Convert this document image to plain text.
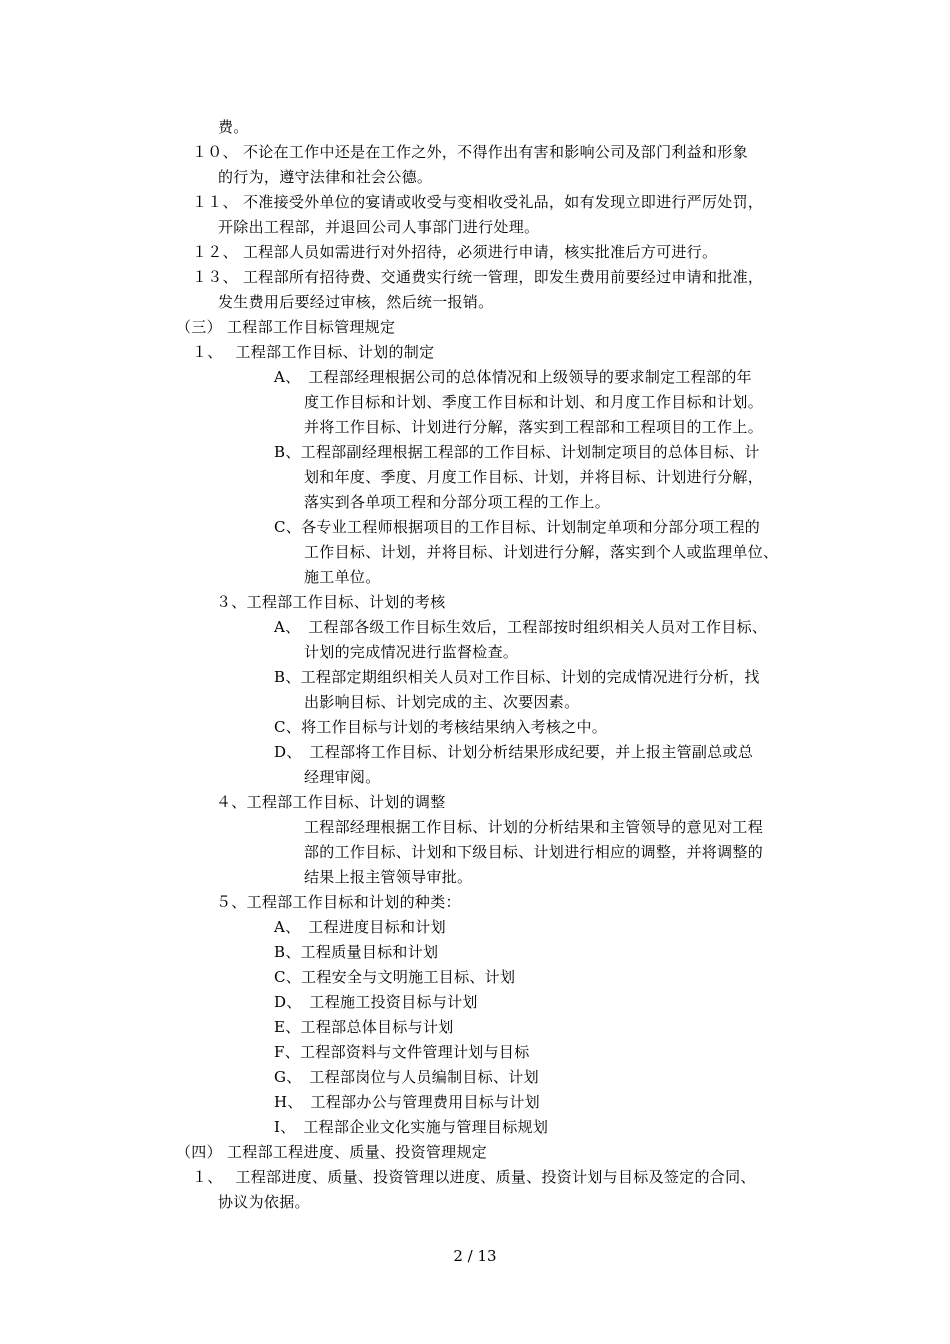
费。
１０、 不论在工作中还是在工作之外，不得作出有害和影响公司及部门利益和形象
的行为，遵守法律和社会公德。
１１、 不准接受外单位的宴请或收受与变相收受礼品，如有发现立即进行严厉处罚，
开除出工程部，并退回公司人事部门进行处理。
１２、 工程部人员如需进行对外招待，必须进行申请，核实批准后方可进行。
１３、 工程部所有招待费、交通费实行统一管理，即发生费用前要经过申请和批准，
发生费用后要经过审核，然后统一报销。
（三） 工程部工作目标管理规定
１、　 工程部工作目标、计划的制定
A、　工程部经理根据公司的总体情况和上级领导的要求制定工程部的年
度工作目标和计划、季度工作目标和计划、和月度工作目标和计划。
并将工作目标、计划进行分解，落实到工程部和工程项目的工作上。
B、工程部副经理根据工程部的工作目标、计划制定项目的总体目标、计
划和年度、季度、月度工作目标、计划，并将目标、计划进行分解，
落实到各单项工程和分部分项工程的工作上。
C、各专业工程师根据项目的工作目标、计划制定单项和分部分项工程的
工作目标、计划，并将目标、计划进行分解，落实到个人或监理单位、
施工单位。
３、工程部工作目标、计划的考核
A、　工程部各级工作目标生效后，工程部按时组织相关人员对工作目标、
计划的完成情况进行监督检查。
B、工程部定期组织相关人员对工作目标、计划的完成情况进行分析，找
出影响目标、计划完成的主、次要因素。
C、将工作目标与计划的考核结果纳入考核之中。
D、　工程部将工作目标、计划分析结果形成纪要，并上报主管副总或总
经理审阅。
４、工程部工作目标、计划的调整
工程部经理根据工作目标、计划的分析结果和主管领导的意见对工程
部的工作目标、计划和下级目标、计划进行相应的调整，并将调整的
结果上报主管领导审批。
５、工程部工作目标和计划的种类：
A、　工程进度目标和计划
B、工程质量目标和计划
C、工程安全与文明施工目标、计划
D、　工程施工投资目标与计划
E、工程部总体目标与计划
F、工程部资料与文件管理计划与目标
G、　工程部岗位与人员编制目标、计划
H、　工程部办公与管理费用目标与计划
I、　工程部企业文化实施与管理目标规划
（四） 工程部工程进度、质量、投资管理规定
１、　 工程部进度、质量、投资管理以进度、质量、投资计划与目标及签定的合同、
协议为依据。
2 / 13
